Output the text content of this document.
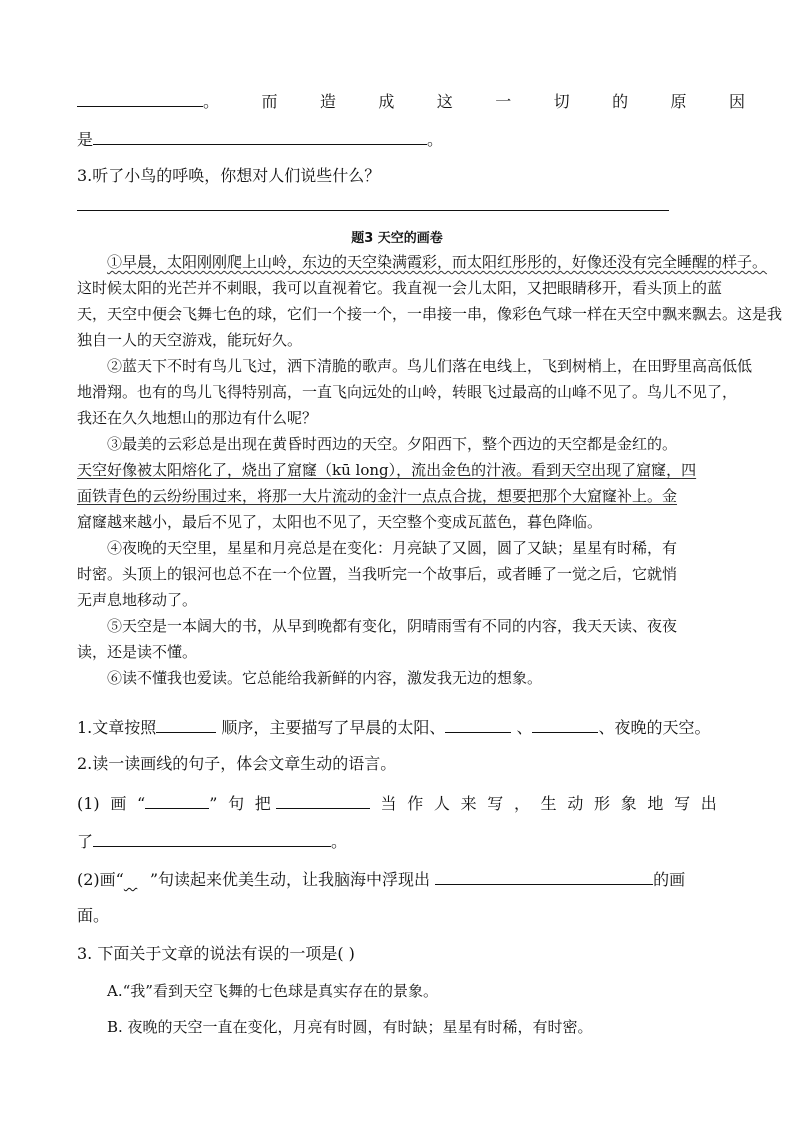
。	而	造	成	这	一	切	的	原	因
是	。
3.听了小鸟的呼唤，你想对人们说些什么？
题3 天空的画卷
①早晨，太阳刚刚爬上山岭，东边的天空染满霞彩，而太阳红彤彤的，好像还没有完全睡醒的样子。
这时候太阳的光芒并不刺眼，我可以直视着它。我直视一会儿太阳，又把眼睛移开，看头顶上的蓝
天，天空中便会飞舞七色的球，它们一个接一个，一串接一串，像彩色气球一样在天空中飘来飘去。这是我
独自一人的天空游戏，能玩好久。
②蓝天下不时有鸟儿飞过，洒下清脆的歌声。鸟儿们落在电线上，飞到树梢上，在田野里高高低低
地滑翔。也有的鸟儿飞得特别高，一直飞向远处的山岭，转眼飞过最高的山峰不见了。鸟儿不见了，
我还在久久地想山的那边有什么呢？
③最美的云彩总是出现在黄昏时西边的天空。夕阳西下，整个西边的天空都是金红的。
天空好像被太阳熔化了，烧出了窟窿（kū long），流出金色的汁液。看到天空出现了窟窿，四
面铁青色的云纷纷围过来，将那一大片流动的金汁一点点合拢，想要把那个大窟窿补上。金
窟窿越来越小，最后不见了，太阳也不见了，天空整个变成瓦蓝色，暮色降临。
④夜晚的天空里，星星和月亮总是在变化：月亮缺了又圆，圆了又缺；星星有时稀，有
时密。头顶上的银河也总不在一个位置，当我听完一个故事后，或者睡了一觉之后，它就悄
无声息地移动了。
⑤天空是一本阔大的书，从早到晚都有变化，阴晴雨雪有不同的内容，我天天读、夜夜
读，还是读不懂。
⑥读不懂我也爱读。它总能给我新鲜的内容，激发我无边的想象。
1.文章按照	顺序，主要描写了早晨的太阳、	、	、夜晚的天空。
2.读一读画线的句子，体会文章生动的语言。
(1) 画 “	” 句 把	当 作 人 来 写 ， 生 动 形 象 地 写 出
了	。
(2)画“ ”句读起来优美生动，让我脑海中浮现出	的画
面。
3. 下面关于文章的说法有误的一项是( )
A.“我”看到天空飞舞的七色球是真实存在的景象。
B. 夜晚的天空一直在变化，月亮有时圆，有时缺；星星有时稀，有时密。
